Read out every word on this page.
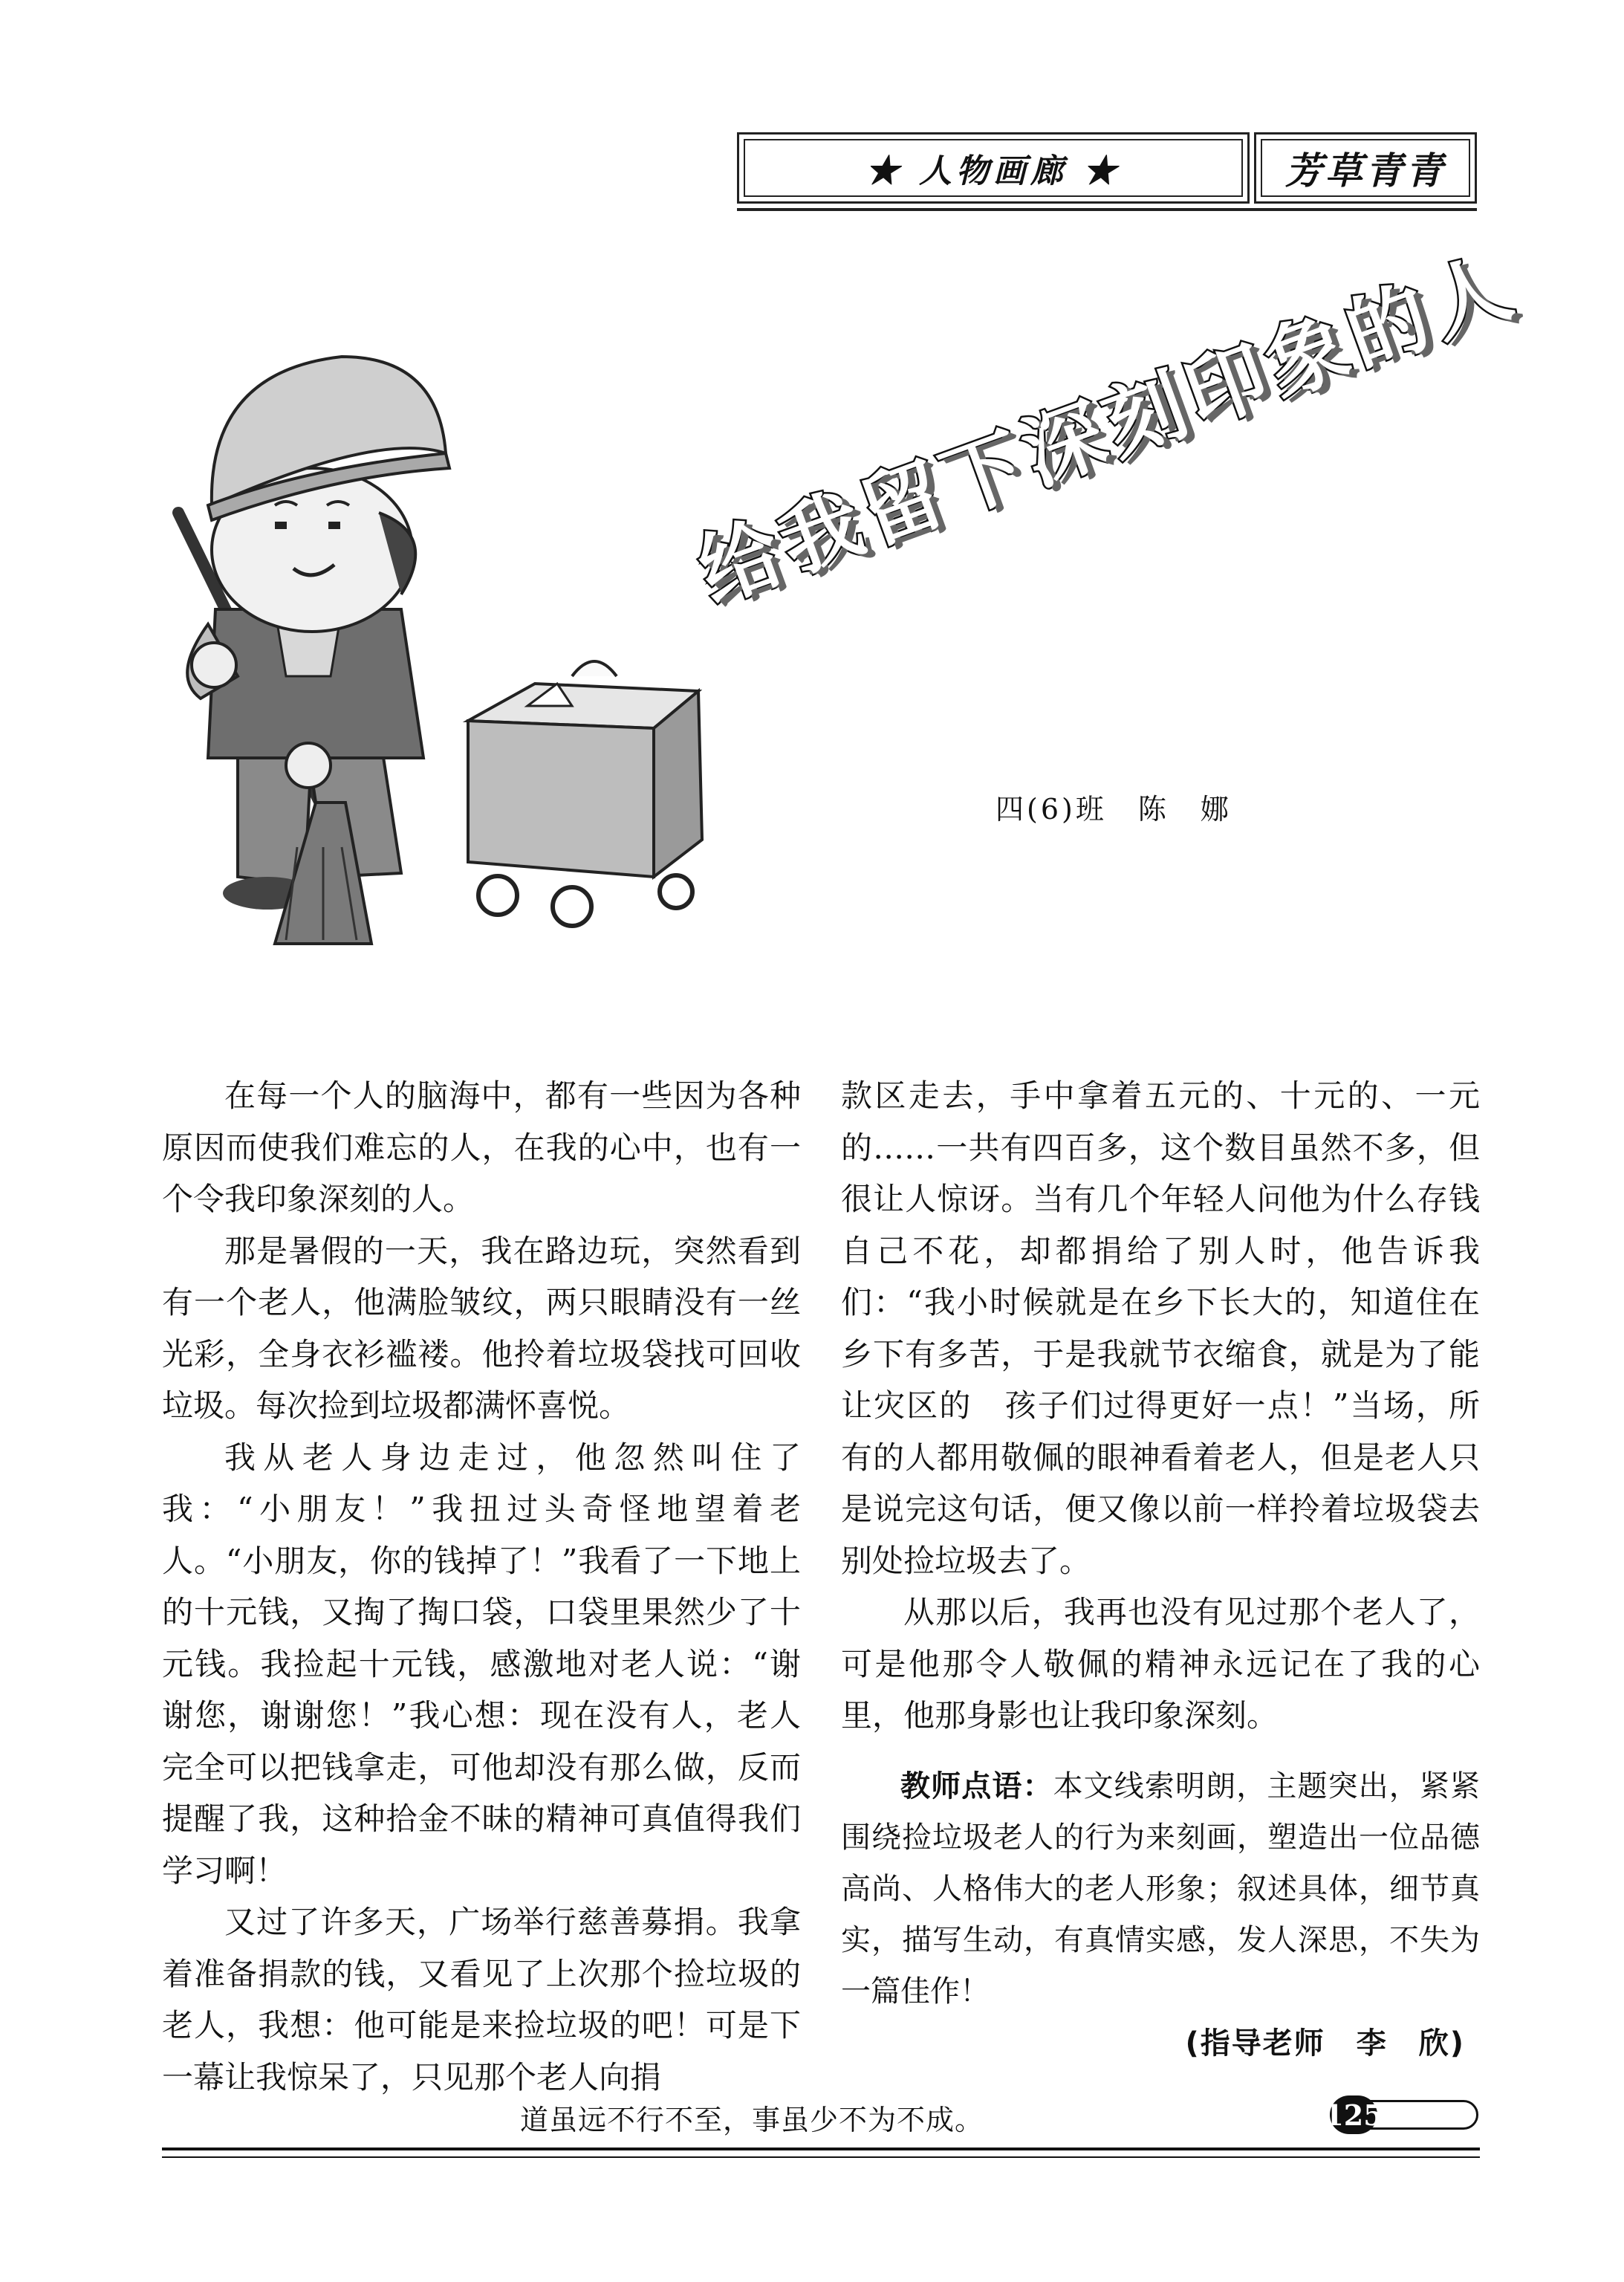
★ 人物画廊 ★	芳草青青
给我留下深刻印象的人
四(6)班　陈　娜

在每一个人的脑海中，都有一些因为各种原因而使我们难忘的人，在我的心中，也有一个令我印象深刻的人。

那是暑假的一天，我在路边玩，突然看到有一个老人，他满脸皱纹，两只眼睛没有一丝光彩，全身衣衫褴褛。他拎着垃圾袋找可回收垃圾。每次捡到垃圾都满怀喜悦。

我从老人身边走过，他忽然叫住了我：“小朋友！”我扭过头奇怪地望着老人。“小朋友，你的钱掉了！”我看了一下地上的十元钱，又掏了掏口袋，口袋里果然少了十元钱。我捡起十元钱，感激地对老人说：“谢谢您，谢谢您！”我心想：现在没有人，老人完全可以把钱拿走，可他却没有那么做，反而提醒了我，这种拾金不昧的精神可真值得我们学习啊！

又过了许多天，广场举行慈善募捐。我拿着准备捐款的钱，又看见了上次那个捡垃圾的老人，我想：他可能是来捡垃圾的吧！可是下一幕让我惊呆了，只见那个老人向捐

款区走去，手中拿着五元的、十元的、一元的……一共有四百多，这个数目虽然不多，但很让人惊讶。当有几个年轻人问他为什么存钱自己不花，却都捐给了别人时，他告诉我们：“我小时候就是在乡下长大的，知道住在乡下有多苦，于是我就节衣缩食，就是为了能让灾区的　孩子们过得更好一点！”当场，所有的人都用敬佩的眼神看着老人，但是老人只是说完这句话，便又像以前一样拎着垃圾袋去别处捡垃圾去了。

从那以后，我再也没有见过那个老人了，可是他那令人敬佩的精神永远记在了我的心里，他那身影也让我印象深刻。

教师点语：本文线索明朗，主题突出，紧紧围绕捡垃圾老人的行为来刻画，塑造出一位品德高尚、人格伟大的老人形象；叙述具体，细节真实，描写生动，有真情实感，发人深思，不失为一篇佳作！

(指导老师　李　欣)
道虽远不行不至，事虽少不为不成。	125
